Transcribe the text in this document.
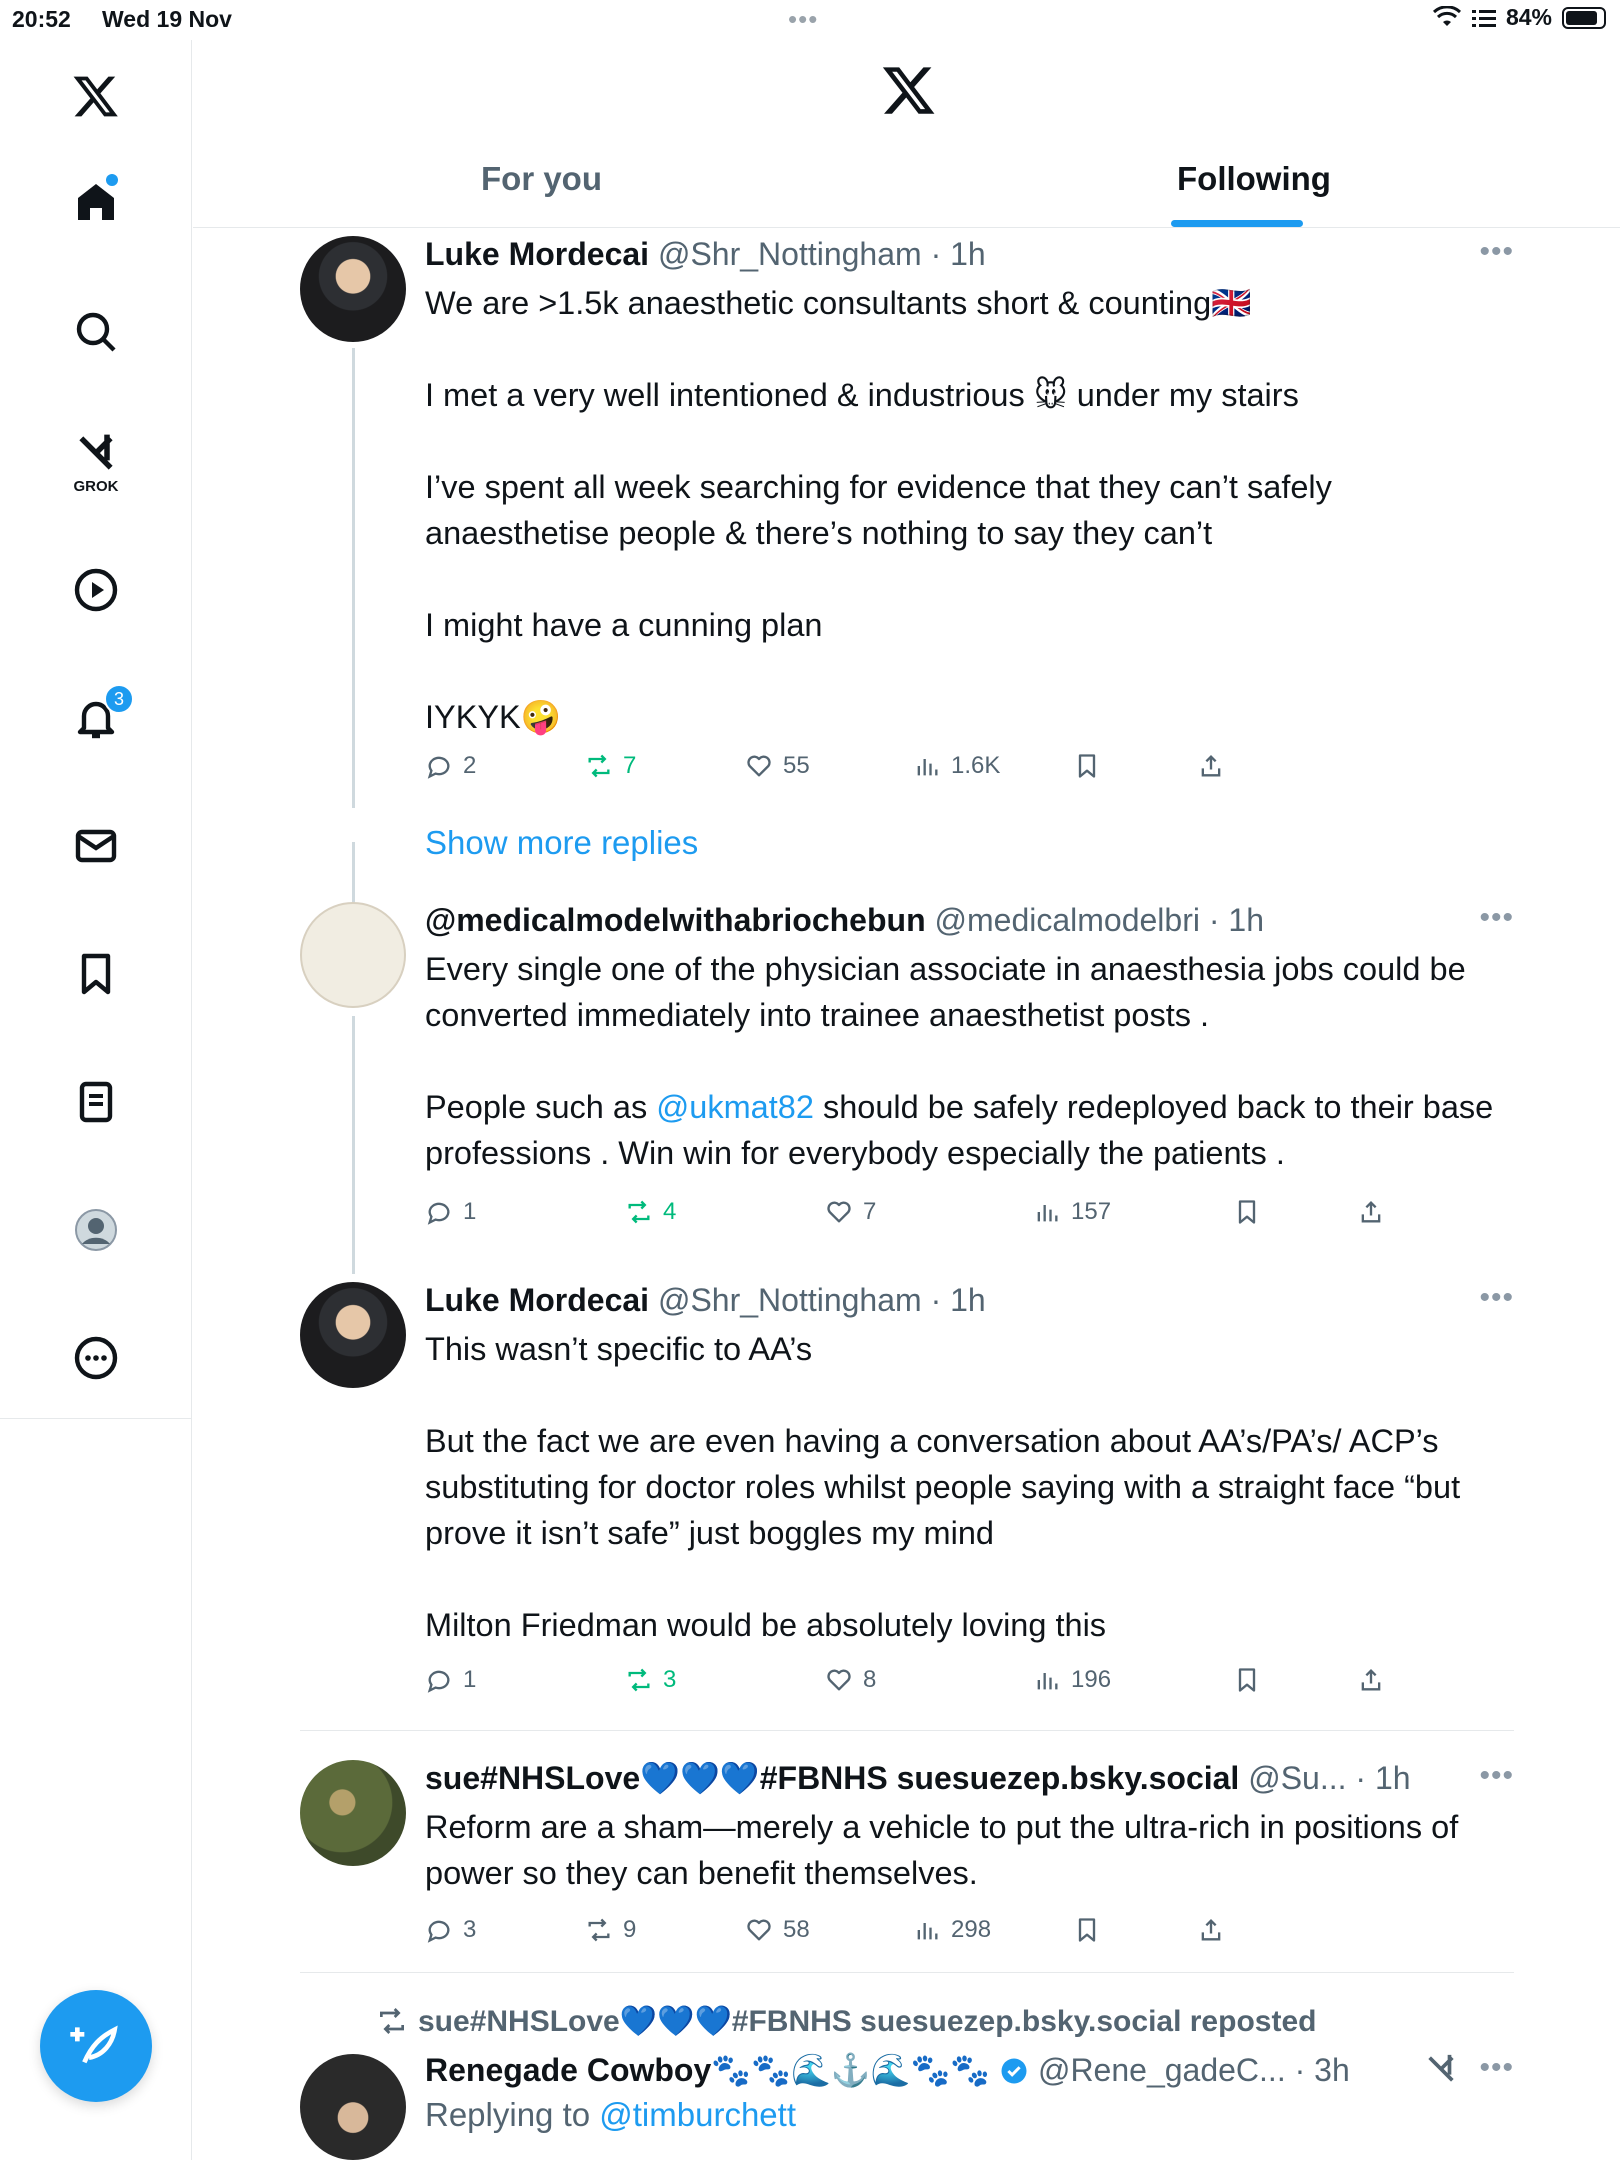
20:52 Wed 19 Nov	•••	84%
GROK
3
For you	Following
Luke Mordecai @Shr_Nottingham · 1h	•••
We are >1.5k anaesthetic consultants short & counting🇬🇧

I met a very well intentioned & industrious 🐭 under my stairs

I’ve spent all week searching for evidence that they can’t safely anaesthetise people & there’s nothing to say they can’t

I might have a cunning plan

IYKYK🤪
2	7	55	1.6K
Show more replies
@medicalmodelwithabriochebun @medicalmodelbri · 1h	•••
Every single one of the physician associate in anaesthesia jobs could be converted immediately into trainee anaesthetist posts .

People such as @ukmat82 should be safely redeployed back to their base professions . Win win for everybody especially the patients .
1	4	7	157
Luke Mordecai @Shr_Nottingham · 1h	•••
This wasn’t specific to AA’s

But the fact we are even having a conversation about AA’s/PA’s/ ACP’s substituting for doctor roles whilst people saying with a straight face “but prove it isn’t safe” just boggles my mind

Milton Friedman would be absolutely loving this
1	3	8	196
sue#NHSLove💙💙💙#FBNHS suesuezep.bsky.social @Su... · 1h •••
Reform are a sham—merely a vehicle to put the ultra-rich in positions of power so they can benefit themselves.
3	9	58	298
sue#NHSLove💙💙💙#FBNHS suesuezep.bsky.social reposted
Renegade Cowboy🐾🐾🌊⚓️🌊🐾🐾 @Rene_gadeC... · 3h	•••
Replying to @timburchett
